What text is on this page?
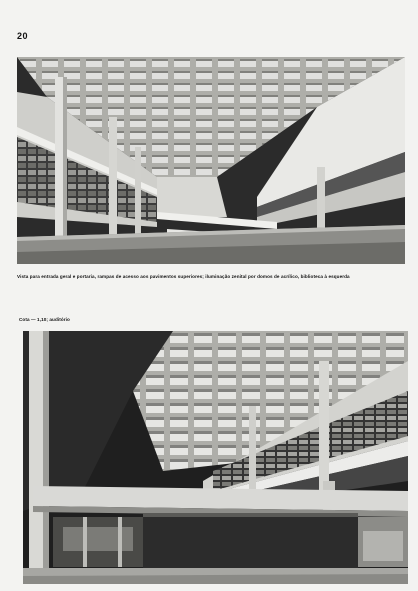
20
Vista para entrada geral e portaria, rampas de acesso aos pavimentos superiores; iluminação zenital por domos de acrílico, biblioteca à esquerda
Cota — 1,10; auditório
